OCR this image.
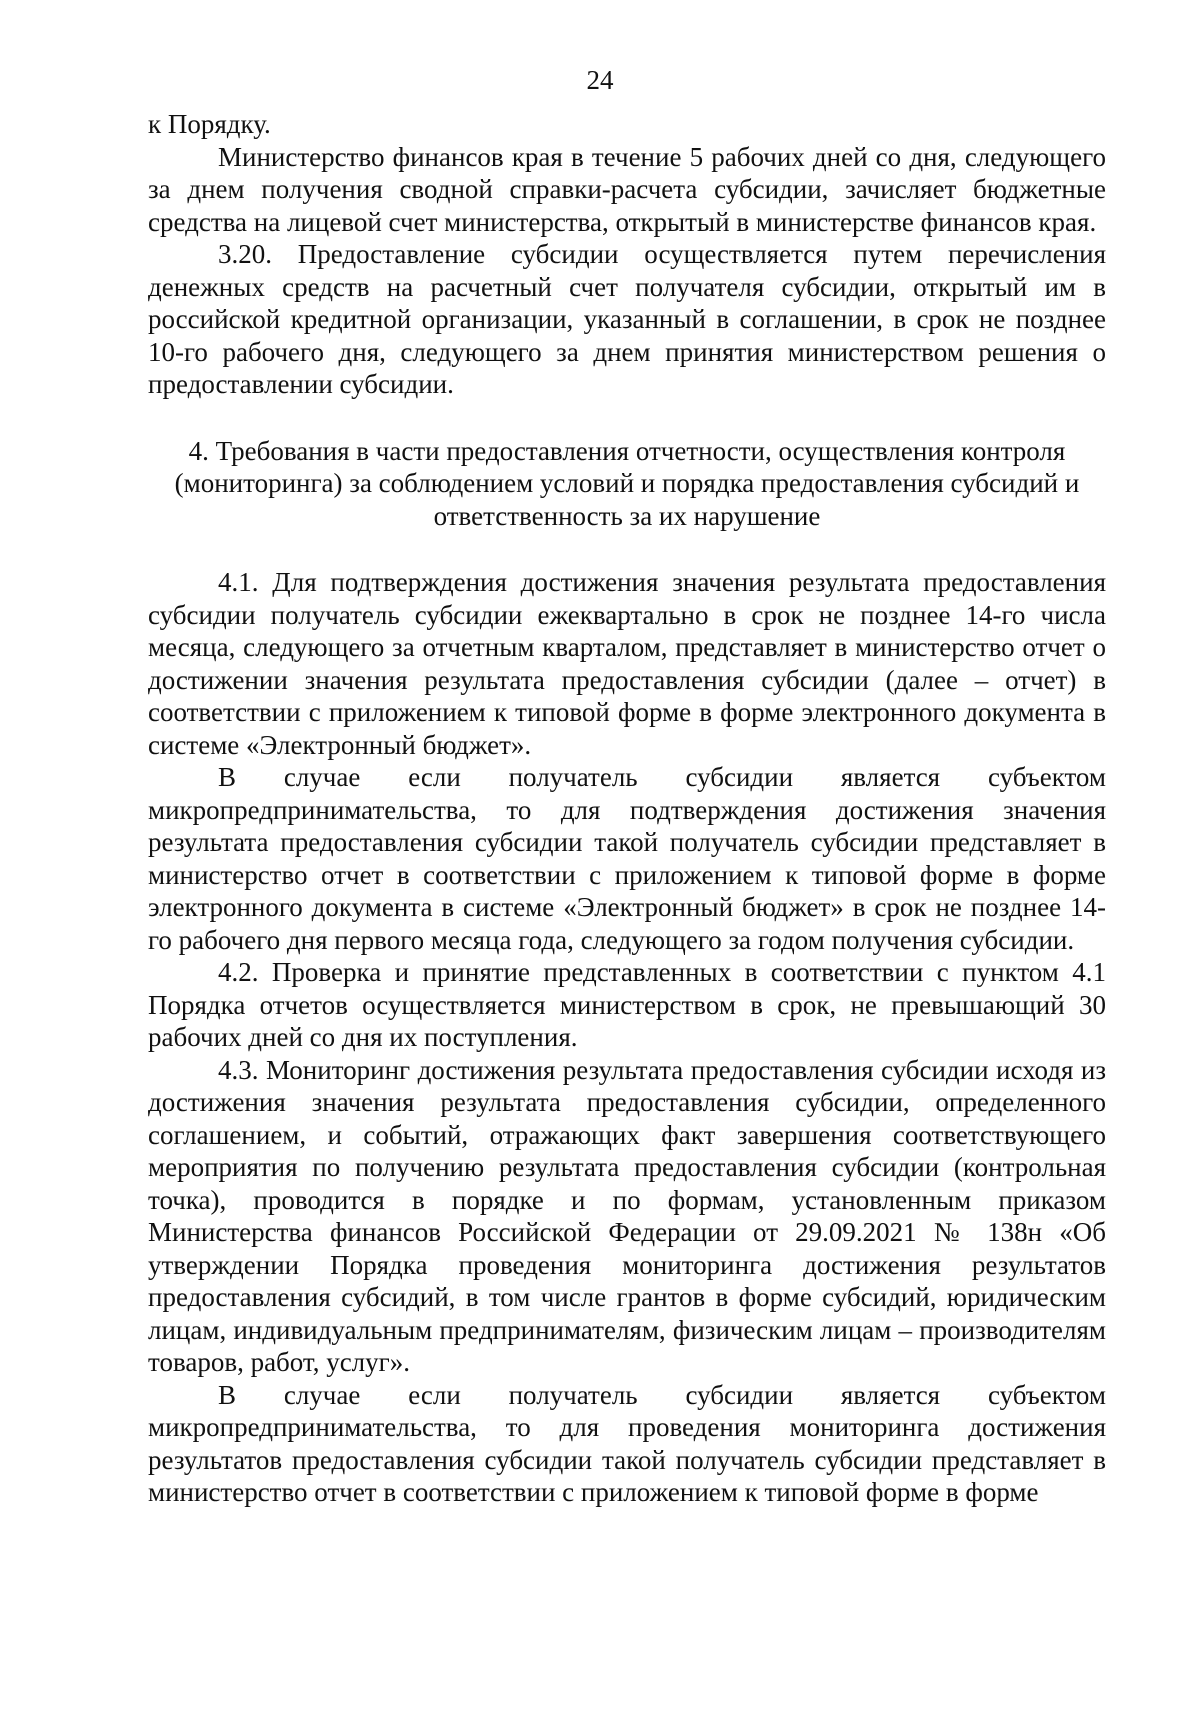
24

к Порядку.

Министерство финансов края в течение 5 рабочих дней со дня, следующего за днем получения сводной справки-расчета субсидии, зачисляет бюджетные средства на лицевой счет министерства, открытый в министерстве финансов края.

3.20. Предоставление субсидии осуществляется путем перечисления денежных средств на расчетный счет получателя субсидии, открытый им в российской кредитной организации, указанный в соглашении, в срок не позднее 10-го рабочего дня, следующего за днем принятия министерством решения о предоставлении субсидии.

4. Требования в части предоставления отчетности, осуществления контроля (мониторинга) за соблюдением условий и порядка предоставления субсидий и ответственность за их нарушение

4.1. Для подтверждения достижения значения результата предоставления субсидии получатель субсидии ежеквартально в срок не позднее 14-го числа месяца, следующего за отчетным кварталом, представляет в министерство отчет о достижении значения результата предоставления субсидии (далее – отчет) в соответствии с приложением к типовой форме в форме электронного документа в системе «Электронный бюджет».

В случае если получатель субсидии является субъектом микропредпринимательства, то для подтверждения достижения значения результата предоставления субсидии такой получатель субсидии представляет в министерство отчет в соответствии с приложением к типовой форме в форме электронного документа в системе «Электронный бюджет» в срок не позднее 14-го рабочего дня первого месяца года, следующего за годом получения субсидии.

4.2. Проверка и принятие представленных в соответствии с пунктом 4.1 Порядка отчетов осуществляется министерством в срок, не превышающий 30 рабочих дней со дня их поступления.

4.3. Мониторинг достижения результата предоставления субсидии исходя из достижения значения результата предоставления субсидии, определенного соглашением, и событий, отражающих факт завершения соответствующего мероприятия по получению результата предоставления субсидии (контрольная точка), проводится в порядке и по формам, установленным приказом Министерства финансов Российской Федерации от 29.09.2021 № 138н «Об утверждении Порядка проведения мониторинга достижения результатов предоставления субсидий, в том числе грантов в форме субсидий, юридическим лицам, индивидуальным предпринимателям, физическим лицам – производителям товаров, работ, услуг».

В случае если получатель субсидии является субъектом микропредпринимательства, то для проведения мониторинга достижения результатов предоставления субсидии такой получатель субсидии представляет в министерство отчет в соответствии с приложением к типовой форме в форме
